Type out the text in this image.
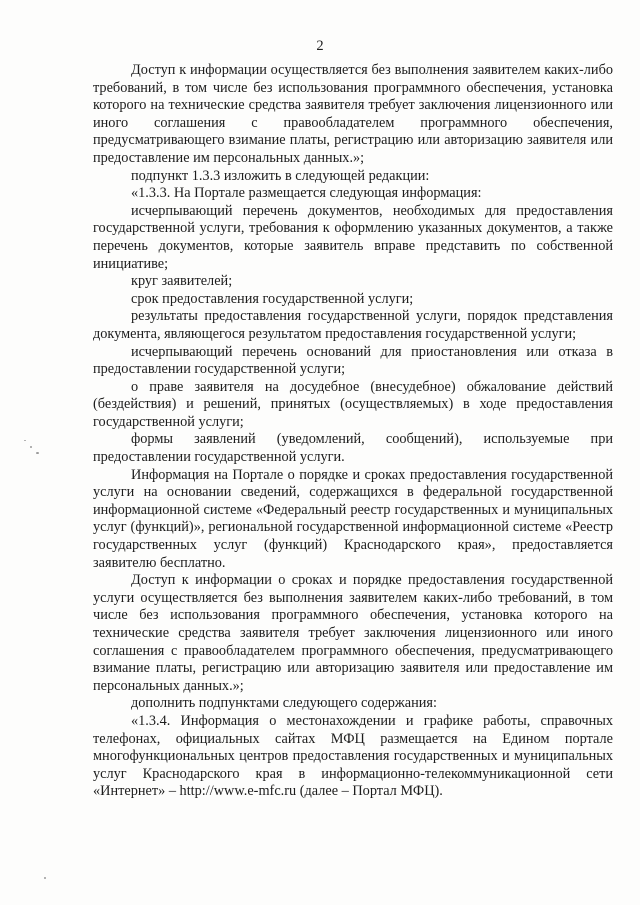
2

Доступ к информации осуществляется без выполнения заявителем каких-либо требований, в том числе без использования программного обеспечения, установка которого на технические средства заявителя требует заключения лицензионного или иного соглашения с правообладателем программного обеспечения, предусматривающего взимание платы, регистрацию или авторизацию заявителя или предоставление им персональных данных.»;

подпункт 1.3.3 изложить в следующей редакции:

«1.3.3. На Портале размещается следующая информация:

исчерпывающий перечень документов, необходимых для предоставления государственной услуги, требования к оформлению указанных документов, а также перечень документов, которые заявитель вправе представить по собственной инициативе;

круг заявителей;

срок предоставления государственной услуги;

результаты предоставления государственной услуги, порядок представления документа, являющегося результатом предоставления государственной услуги;

исчерпывающий перечень оснований для приостановления или отказа в предоставлении государственной услуги;

о праве заявителя на досудебное (внесудебное) обжалование действий (бездействия) и решений, принятых (осуществляемых) в ходе предоставления государственной услуги;

формы заявлений (уведомлений, сообщений), используемые при предоставлении государственной услуги.

Информация на Портале о порядке и сроках предоставления государственной услуги на основании сведений, содержащихся в федеральной государственной информационной системе «Федеральный реестр государственных и муниципальных услуг (функций)», региональной государственной информационной системе «Реестр государственных услуг (функций) Краснодарского края», предоставляется заявителю бесплатно.

Доступ к информации о сроках и порядке предоставления государственной услуги осуществляется без выполнения заявителем каких-либо требований, в том числе без использования программного обеспечения, установка которого на технические средства заявителя требует заключения лицензионного или иного соглашения с правообладателем программного обеспечения, предусматривающего взимание платы, регистрацию или авторизацию заявителя или предоставление им персональных данных.»;

дополнить подпунктами следующего содержания:

«1.3.4. Информация о местонахождении и графике работы, справочных телефонах, официальных сайтах МФЦ размещается на Едином портале многофункциональных центров предоставления государственных и муниципальных услуг Краснодарского края в информационно-телекоммуникационной сети «Интернет» – http://www.e-mfc.ru (далее – Портал МФЦ).
